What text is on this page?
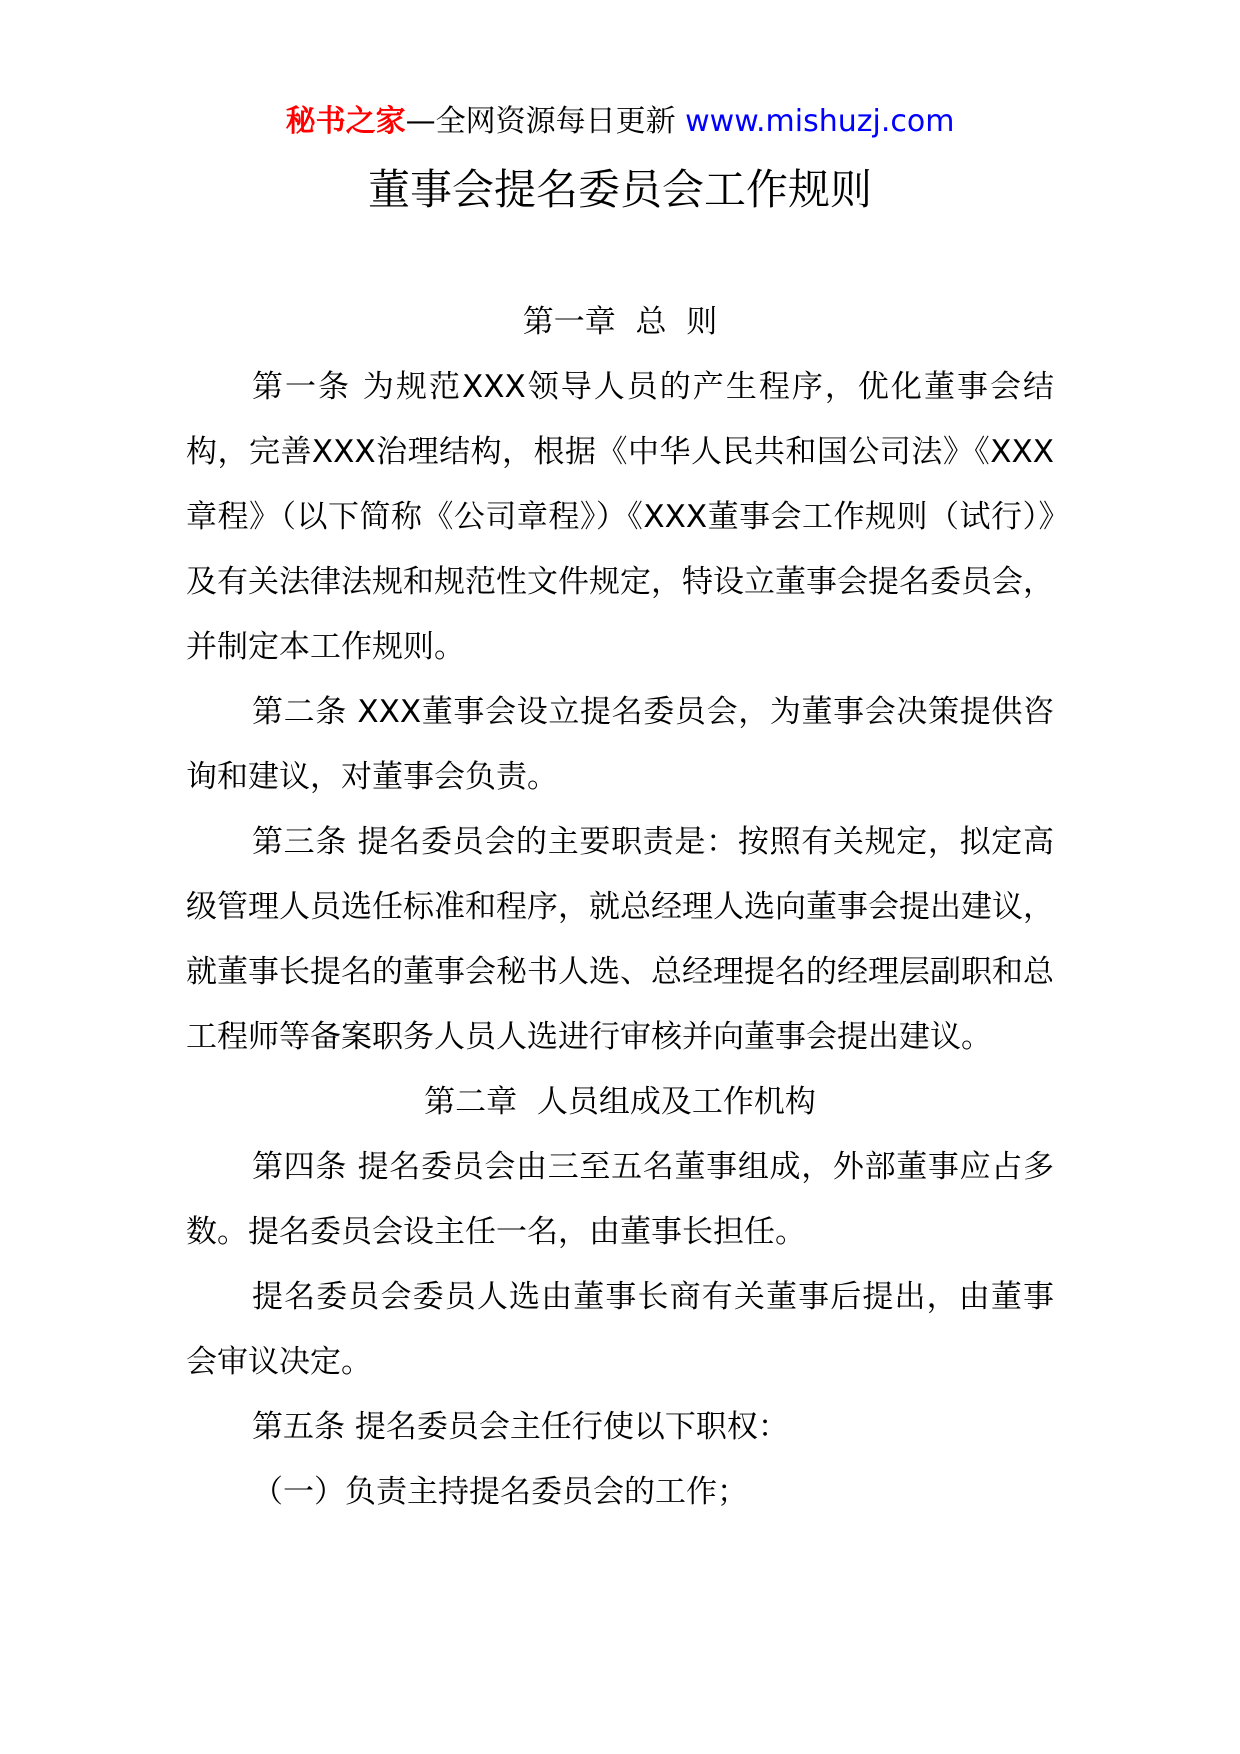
秘书之家—全网资源每日更新 www.mishuzj.com
董事会提名委员会工作规则

第一章  总  则

第一条 为规范XXX领导人员的产生程序，优化董事会结构，完善XXX治理结构，根据《中华人民共和国公司法》《XXX章程》（以下简称《公司章程》）《XXX董事会工作规则（试行）》及有关法律法规和规范性文件规定，特设立董事会提名委员会，并制定本工作规则。

第二条 XXX董事会设立提名委员会，为董事会决策提供咨询和建议，对董事会负责。

第三条 提名委员会的主要职责是：按照有关规定，拟定高级管理人员选任标准和程序，就总经理人选向董事会提出建议，就董事长提名的董事会秘书人选、总经理提名的经理层副职和总工程师等备案职务人员人选进行审核并向董事会提出建议。

第二章  人员组成及工作机构

第四条 提名委员会由三至五名董事组成，外部董事应占多数。提名委员会设主任一名，由董事长担任。

提名委员会委员人选由董事长商有关董事后提出，由董事会审议决定。

第五条 提名委员会主任行使以下职权：

（一）负责主持提名委员会的工作；
